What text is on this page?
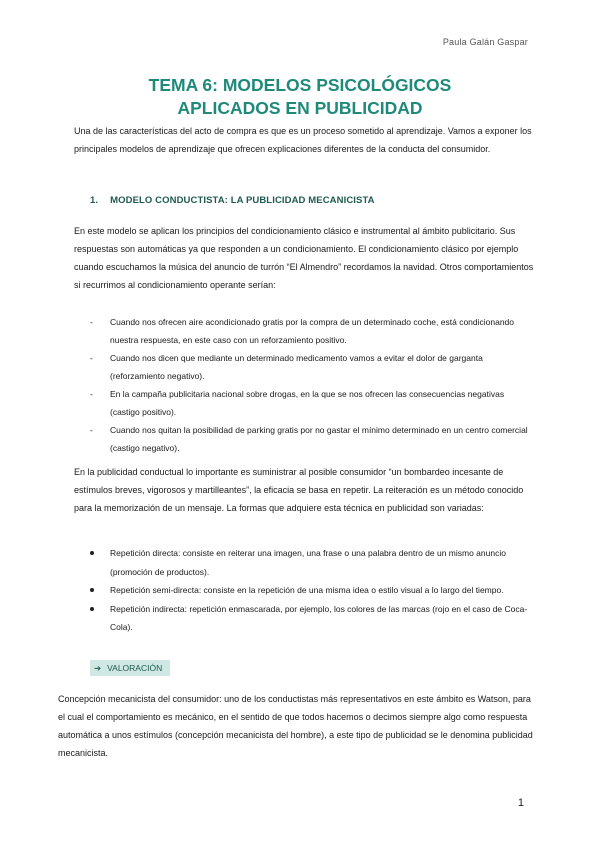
Paula Galán Gaspar
TEMA 6: MODELOS PSICOLÓGICOS
APLICADOS EN PUBLICIDAD

Una de las características del acto de compra es que es un proceso sometido al aprendizaje. Vamos a exponer los principales modelos de aprendizaje que ofrecen explicaciones diferentes de la conducta del consumidor.

1. MODELO CONDUCTISTA: LA PUBLICIDAD MECANICISTA

En este modelo se aplican los principios del condicionamiento clásico e instrumental al ámbito publicitario. Sus respuestas son automáticas ya que responden a un condicionamiento. El condicionamiento clásico por ejemplo cuando escuchamos la música del anuncio de turrón “El Almendro” recordamos la navidad. Otros comportamientos si recurrimos al condicionamiento operante serían:

- Cuando nos ofrecen aire acondicionado gratis por la compra de un determinado coche, está condicionando nuestra respuesta, en este caso con un reforzamiento positivo.
- Cuando nos dicen que mediante un determinado medicamento vamos a evitar el dolor de garganta (reforzamiento negativo).
- En la campaña publicitaria nacional sobre drogas, en la que se nos ofrecen las consecuencias negativas (castigo positivo).
- Cuando nos quitan la posibilidad de parking gratis por no gastar el mínimo determinado en un centro comercial (castigo negativo).

En la publicidad conductual lo importante es suministrar al posible consumidor “un bombardeo incesante de estímulos breves, vigorosos y martilleantes”, la eficacia se basa en repetir. La reiteración es un método conocido para la memorización de un mensaje. La formas que adquiere esta técnica en publicidad son variadas:

Repetición directa: consiste en reiterar una imagen, una frase o una palabra dentro de un mismo anuncio (promoción de productos).
Repetición semi-directa: consiste en la repetición de una misma idea o estilo visual a lo largo del tiempo.
Repetición indirecta: repetición enmascarada, por ejemplo, los colores de las marcas (rojo en el caso de Coca-Cola).
➔ VALORACIÓN

Concepción mecanicista del consumidor: uno de los conductistas más representativos en este ámbito es Watson, para el cual el comportamiento es mecánico, en el sentido de que todos hacemos o decimos siempre algo como respuesta automática a unos estímulos (concepción mecanicista del hombre), a este tipo de publicidad se le denomina publicidad mecanicista.

1
